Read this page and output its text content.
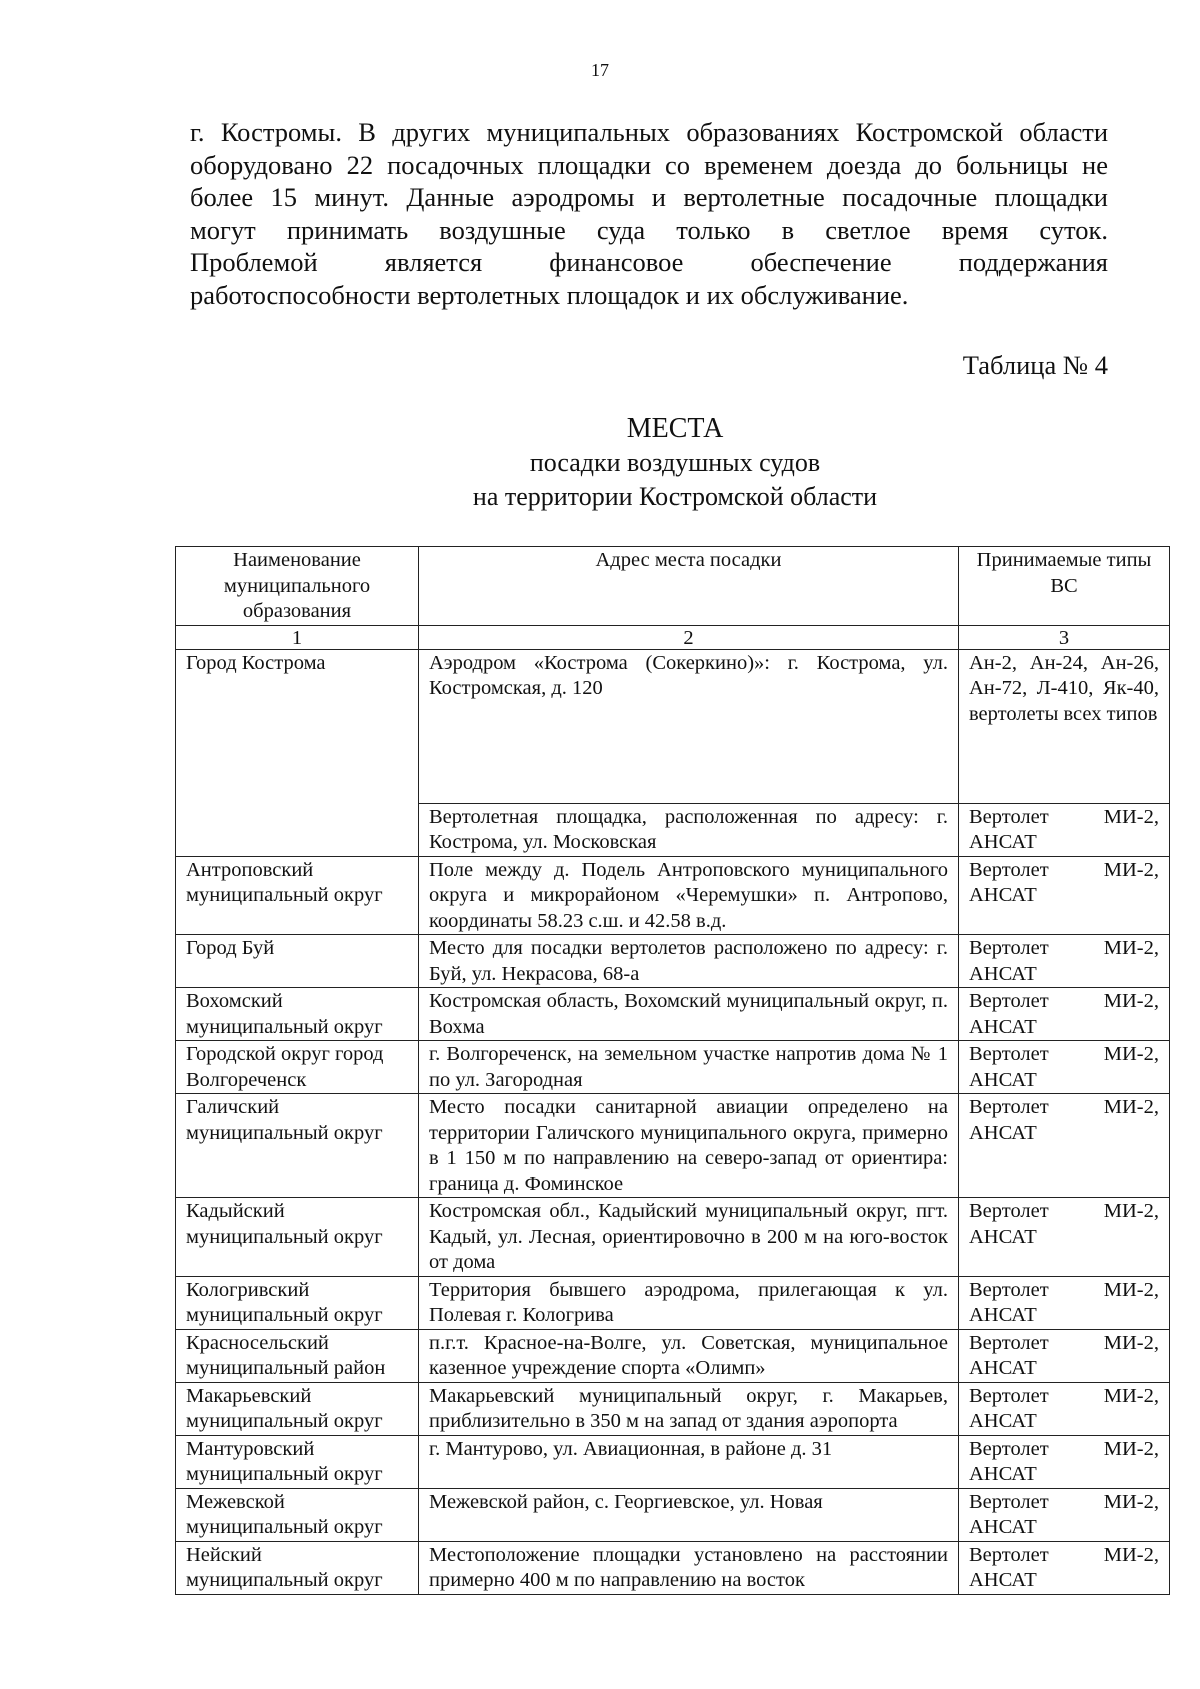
17
г. Костромы. В других муниципальных образованиях Костромской области
оборудовано 22 посадочных площадки со временем доезда до больницы не
более 15 минут. Данные аэродромы и вертолетные посадочные площадки
могут принимать воздушные суда только в светлое время суток.
Проблемой является финансовое обеспечение поддержания
работоспособности вертолетных площадок и их обслуживание.
Таблица № 4
МЕСТА
посадки воздушных судов
на территории Костромской области
Наименование муниципального образования	Адрес места посадки	Принимаемые типы ВС
1	2	3
Город Кострома	Аэродром «Кострома (Сокеркино)»: г. Кострома, ул. Костромская, д. 120	Ан-2, Ан-24, Ан-26, Ан-72, Л-410, Як-40, вертолеты всех типов
	Вертолетная площадка, расположенная по адресу: г. Кострома, ул. Московская	Вертолет МИ-2, АНСАТ
Антроповский муниципальный округ	Поле между д. Подель Антроповского муниципального округа и микрорайоном «Черемушки» п. Антропово, координаты 58.23 с.ш. и 42.58 в.д.	Вертолет МИ-2, АНСАТ
Город Буй	Место для посадки вертолетов расположено по адресу: г. Буй, ул. Некрасова, 68-а	Вертолет МИ-2, АНСАТ
Вохомский муниципальный округ	Костромская область, Вохомский муниципальный округ, п. Вохма	Вертолет МИ-2, АНСАТ
Городской округ город Волгореченск	г. Волгореченск, на земельном участке напротив дома № 1 по ул. Загородная	Вертолет МИ-2, АНСАТ
Галичский муниципальный округ	Место посадки санитарной авиации определено на территории Галичского муниципального округа, примерно в 1 150 м по направлению на северо-запад от ориентира: граница д. Фоминское	Вертолет МИ-2, АНСАТ
Кадыйский муниципальный округ	Костромская обл., Кадыйский муниципальный округ, пгт. Кадый, ул. Лесная, ориентировочно в 200 м на юго-восток от дома	Вертолет МИ-2, АНСАТ
Кологривский муниципальный округ	Территория бывшего аэродрома, прилегающая к ул. Полевая г. Кологрива	Вертолет МИ-2, АНСАТ
Красносельский муниципальный район	п.г.т. Красное-на-Волге, ул. Советская, муниципальное казенное учреждение спорта «Олимп»	Вертолет МИ-2, АНСАТ
Макарьевский муниципальный округ	Макарьевский муниципальный округ, г. Макарьев, приблизительно в 350 м на запад от здания аэропорта	Вертолет МИ-2, АНСАТ
Мантуровский муниципальный округ	г. Мантурово, ул. Авиационная, в районе д. 31	Вертолет МИ-2, АНСАТ
Межевской муниципальный округ	Межевской район, с. Георгиевское, ул. Новая	Вертолет МИ-2, АНСАТ
Нейский муниципальный округ	Местоположение площадки установлено на расстоянии примерно 400 м по направлению на восток	Вертолет МИ-2, АНСАТ
